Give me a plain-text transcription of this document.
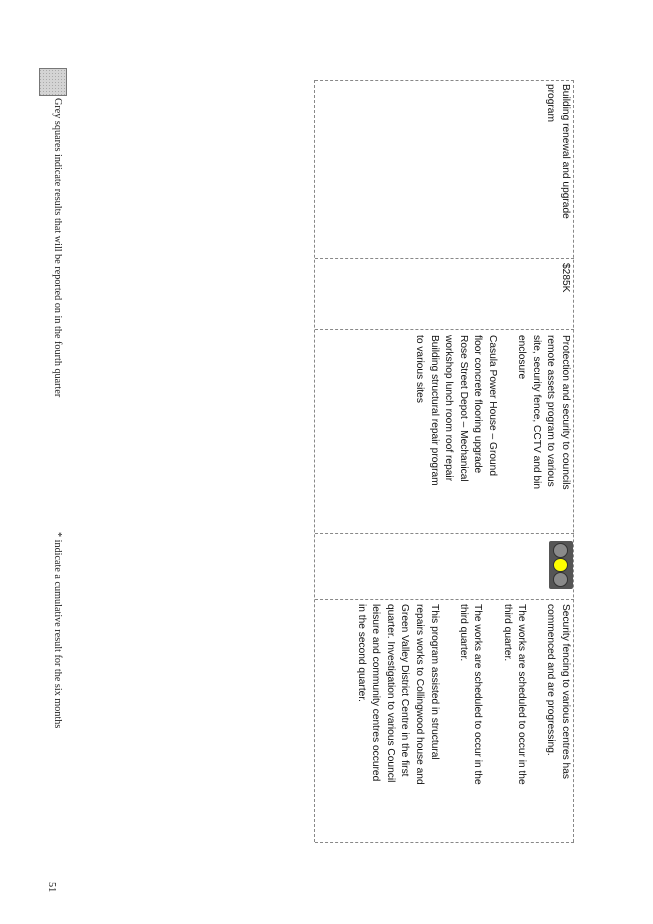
Building renewal and upgrade
program
$285K
Protection and security to councils
remote assets program to various
site, security fence, CCTV and bin
enclosure
Casula Power House – Ground
floor concrete flooring upgrade
Rose Street Depot – Mechanical
workshop lunch room roof repair
Building structural repair program
to various sites
Security fencing to various centres has
commenced and are progressing.
The works are scheduled to occur in the
third quarter.
The works are scheduled to occur in the
third quarter.
This program assisted in structural
repairs works to Collingwood house and
Green Valley District Centre in the first
quarter. Investigation to various Council
leisure and community centres occured
in the second quarter.
Grey squares indicate results that will be reported on in the fourth quarter
* indicate a cumulative result for the six months
51
